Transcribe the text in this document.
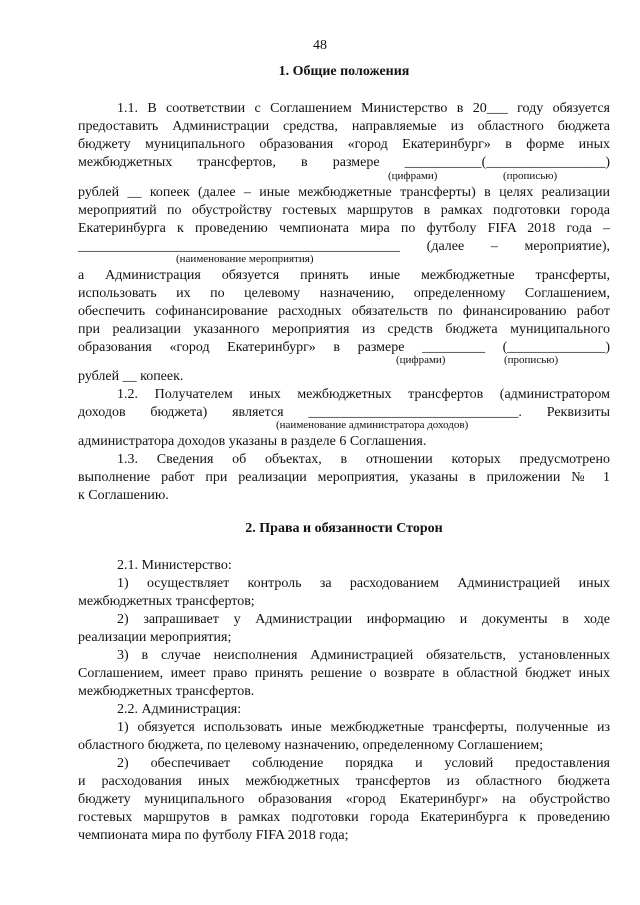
48
1. Общие положения
1.1. В соответствии с Соглашением Министерство в 20___ году обязуется
предоставить Администрации средства, направляемые из областного бюджета
бюджету муниципального образования «город Екатеринбург» в форме иных
межбюджетных трансфертов, в размере ___________(_________________)
(цифрами)	(прописью)
рублей __ копеек (далее – иные межбюджетные трансферты) в целях реализации
мероприятий по обустройству гостевых маршрутов в рамках подготовки города
Екатеринбурга к проведению чемпионата мира по футболу FIFA 2018 года –
______________________________________________ (далее – мероприятие),
(наименование мероприятия)
а Администрация обязуется принять иные межбюджетные трансферты,
использовать их по целевому назначению, определенному Соглашением,
обеспечить софинансирование расходных обязательств по финансированию работ
при реализации указанного мероприятия из средств бюджета муниципального
образования «город Екатеринбург» в размере _________ (______________)
(цифрами)	(прописью)
рублей __ копеек.
1.2. Получателем иных межбюджетных трансфертов (администратором
доходов бюджета) является ______________________________. Реквизиты
(наименование администратора доходов)
администратора доходов указаны в разделе 6 Соглашения.
1.3. Сведения об объектах, в отношении которых предусмотрено
выполнение работ при реализации мероприятия, указаны в приложении № 1
к Соглашению.
2. Права и обязанности Сторон
2.1. Министерство:
1) осуществляет контроль за расходованием Администрацией иных
межбюджетных трансфертов;
2) запрашивает у Администрации информацию и документы в ходе
реализации мероприятия;
3) в случае неисполнения Администрацией обязательств, установленных
Соглашением, имеет право принять решение о возврате в областной бюджет иных
межбюджетных трансфертов.
2.2. Администрация:
1) обязуется использовать иные межбюджетные трансферты, полученные из
областного бюджета, по целевому назначению, определенному Соглашением;
2) обеспечивает соблюдение порядка и условий предоставления
и расходования иных межбюджетных трансфертов из областного бюджета
бюджету муниципального образования «город Екатеринбург» на обустройство
гостевых маршрутов в рамках подготовки города Екатеринбурга к проведению
чемпионата мира по футболу FIFA 2018 года;
